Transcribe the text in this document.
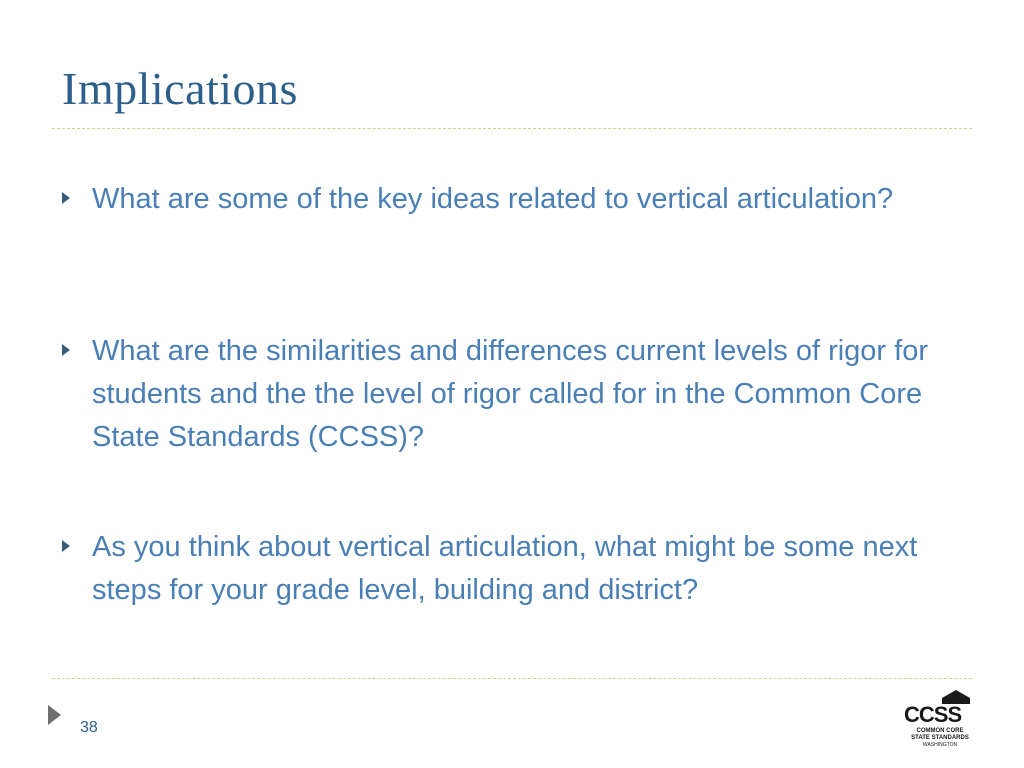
Implications
What are some of the key ideas related to vertical articulation?
What are the similarities and differences current levels of rigor for students and the the level of rigor called for in the Common Core State Standards (CCSS)?
As you think about vertical articulation, what might be some next steps for your grade level, building and district?
38
CCSS
COMMON CORE
STATE STANDARDS
WASHINGTON
